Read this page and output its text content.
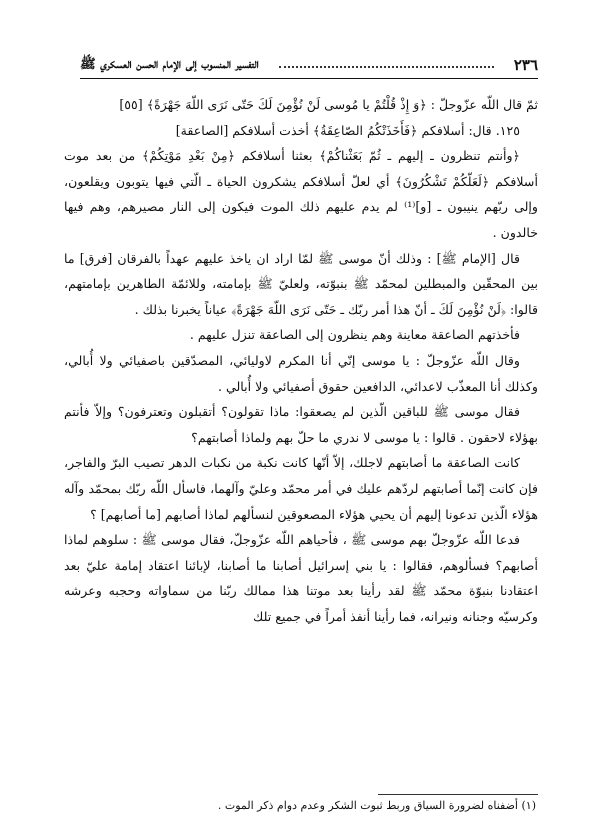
٢٣٦
التفسير المنسوب إلى الإمام الحسن العسكري ﷺ

ثمّ قال اللّه عزّوجلّ : ﴿وَ إِذْ قُلْتُمْ يا مُوسى لَنْ نُؤْمِنَ لَكَ حَتّى نَرَى اللّهَ جَهْرَةً﴾ [٥٥]

١٢٥. قال: أسلافكم ﴿فَأَخَذَتْكُمُ الصّاعِقَةُ﴾ أخذت أسلافكم [الصاعقة]

﴿وأنتم تنظرون ـ إليهم ـ ثُمّ بَعَثْناكُمْ﴾ بعثنا أسلافكم ﴿مِنْ بَعْدِ مَوْتِكُمْ﴾ من بعد موت أسلافكم ﴿لَعَلّكُمْ تَشْكُرُونَ﴾ أي لعلّ أسلافكم يشكرون الحياة ـ الّتي فيها يتوبون ويقلعون، وإلى ربّهم ينيبون ـ [و]⁽¹⁾ لم يدم عليهم ذلك الموت فيكون إلى النار مصيرهم، وهم فيها خالدون .

قال [الإمام ﷺ] : وذلك أنّ موسى ﷺ لمّا اراد ان ياخذ عليهم عهداً بالفرقان [فرق] ما بين المحقّين والمبطلين لمحمّد ﷺ بنبوّته، ولعليّ ﷺ بإمامته، وللائمّة الطاهرين بإمامتهم، قالوا: ﴿لَنْ نُؤْمِنَ لَكَ ـ أنّ هذا أمر ربّك ـ حَتّى نَرَى اللّهَ جَهْرَةً﴾ عياناً يخبرنا بذلك .

فأخذتهم الصاعقة معاينة وهم ينظرون إلى الصاعقة تنزل عليهم .

وقال اللّه عزّوجلّ : يا موسى إنّي أنا المكرم لاوليائي، المصدّقين باصفيائي ولا أُبالي، وكذلك أنا المعذّب لاعدائي، الدافعين حقوق أصفيائي ولا أُبالي .

فقال موسى ﷺ للباقين الّذين لم يصعقوا: ماذا تقولون؟ أتقبلون وتعترفون؟ وإلاّ فأنتم بهؤلاء لاحقون . قالوا : يا موسى لا ندري ما حلّ بهم ولماذا أصابتهم؟

كانت الصاعقة ما أصابتهم لاجلك، إلاّ أنّها كانت نكبة من نكبات الدهر تصيب البرّ والفاجر، فإن كانت إنّما أصابتهم لردّهم عليك في أمر محمّد وعليّ وآلهما، فاسأل اللّه ربّك بمحمّد وآله هؤلاء الّذين تدعونا إليهم أن يحيي هؤلاء المصعوقين لنسألهم لماذا أصابهم [ما أصابهم] ؟

فدعا اللّه عزّوجلّ بهم موسى ﷺ ، فأحياهم اللّه عزّوجلّ، فقال موسى ﷺ : سلوهم لماذا أصابهم؟ فسألوهم، فقالوا : يا بني إسرائيل أصابنا ما أصابنا، لإبائنا اعتقاد إمامة عليّ بعد اعتقادنا بنبوّة محمّد ﷺ لقد رأينا بعد موتنا هذا ممالك ربّنا من سماواته وحجبه وعرشه وكرسيّه وجنانه ونيرانه، فما رأينا أنفذ أمراً في جميع تلك

(١) أضفناه لضرورة السياق وربط ثبوت الشكر وعدم دوام ذكر الموت .
